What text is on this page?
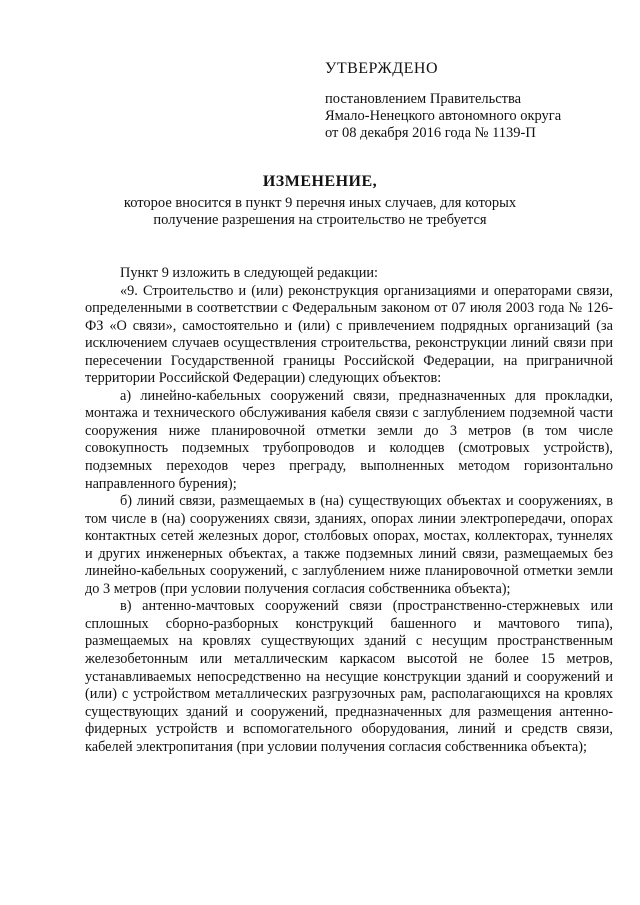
УТВЕРЖДЕНО
постановлением Правительства
Ямало-Ненецкого автономного округа
от 08 декабря 2016 года № 1139-П
ИЗМЕНЕНИЕ,
которое вносится в пункт 9 перечня иных случаев, для которых
получение разрешения на строительство не требуется

Пункт 9 изложить в следующей редакции:

«9. Строительство и (или) реконструкция организациями и операторами связи, определенными в соответствии с Федеральным законом от 07 июля 2003 года № 126-ФЗ «О связи», самостоятельно и (или) с привлечением подрядных организаций (за исключением случаев осуществления строительства, реконструкции линий связи при пересечении Государственной границы Российской Федерации, на приграничной территории Российской Федерации) следующих объектов:

а) линейно-кабельных сооружений связи, предназначенных для прокладки, монтажа и технического обслуживания кабеля связи с заглублением подземной части сооружения ниже планировочной отметки земли до 3 метров (в том числе совокупность подземных трубопроводов и колодцев (смотровых устройств), подземных переходов через преграду, выполненных методом горизонтально направленного бурения);

б) линий связи, размещаемых в (на) существующих объектах и сооружениях, в том числе в (на) сооружениях связи, зданиях, опорах линии электропередачи, опорах контактных сетей железных дорог, столбовых опорах, мостах, коллекторах, туннелях и других инженерных объектах, а также подземных линий связи, размещаемых без линейно-кабельных сооружений, с заглублением ниже планировочной отметки земли до 3 метров (при условии получения согласия собственника объекта);

в) антенно-мачтовых сооружений связи (пространственно-стержневых или сплошных сборно-разборных конструкций башенного и мачтового типа), размещаемых на кровлях существующих зданий с несущим пространственным железобетонным или металлическим каркасом высотой не более 15 метров, устанавливаемых непосредственно на несущие конструкции зданий и сооружений и (или) с устройством металлических разгрузочных рам, располагающихся на кровлях существующих зданий и сооружений, предназначенных для размещения антенно-фидерных устройств и вспомогательного оборудования, линий и средств связи, кабелей электропитания (при условии получения согласия собственника объекта);
